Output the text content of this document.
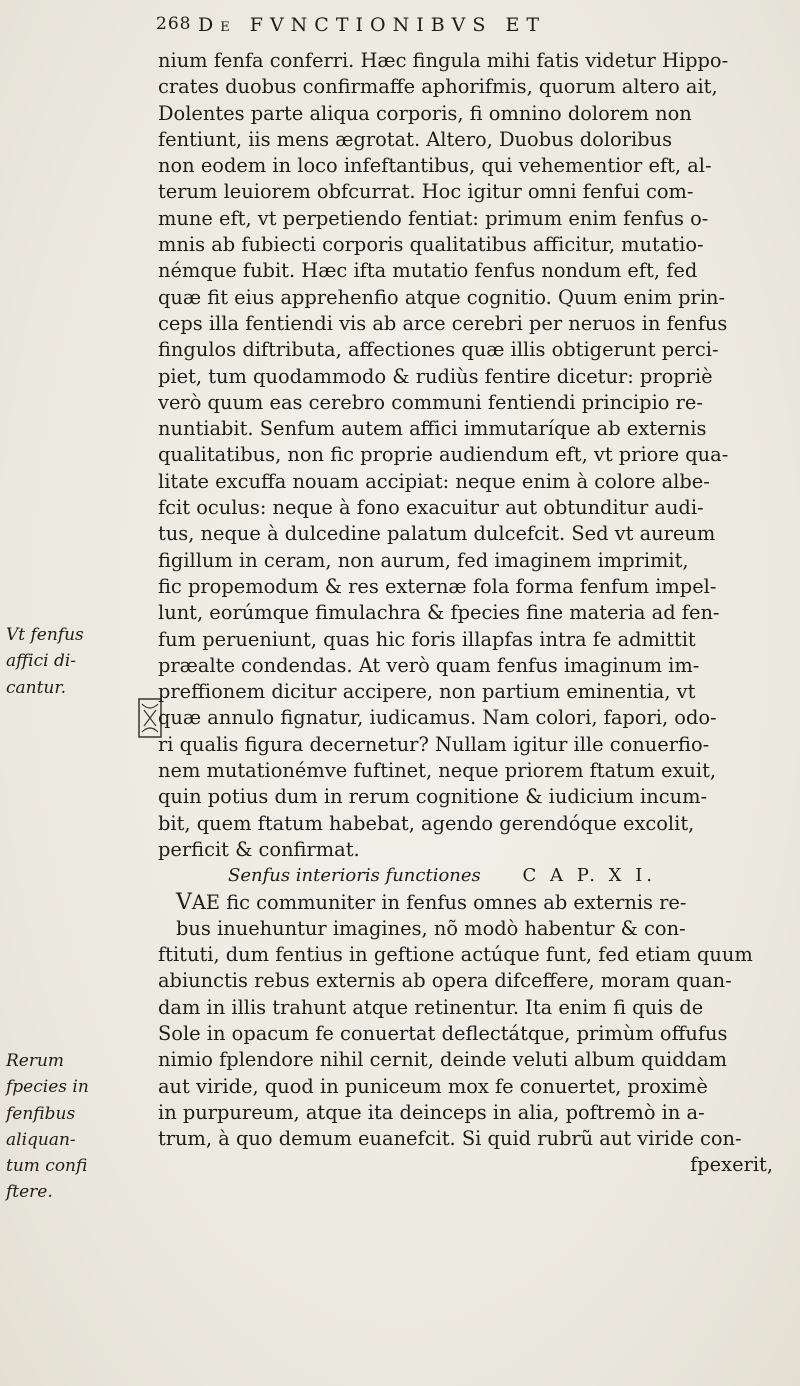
268 De FVNCTIONIBVS ET
Vt fenfus
affici di-
cantur.
Rerum
fpecies in
fenfibus
aliquan-
tum confi
ftere.
nium fenfa conferri. Hæc fingula mihi fatis videtur Hippo-
crates duobus confirmaffe aphorifmis, quorum altero ait,
Dolentes parte aliqua corporis, fi omnino dolorem non
fentiunt, iis mens ægrotat. Altero, Duobus doloribus
non eodem in loco infeftantibus, qui vehementior eft, al-
terum leuiorem obfcurrat. Hoc igitur omni fenfui com-
mune eft, vt perpetiendo fentiat: primum enim fenfus o-
mnis ab fubiecti corporis qualitatibus afficitur, mutatio-
némque fubit. Hæc ifta mutatio fenfus nondum eft, fed
quæ fit eius apprehenfio atque cognitio. Quum enim prin-
ceps illa fentiendi vis ab arce cerebri per neruos in fenfus
fingulos diftributa, affectiones quæ illis obtigerunt perci-
piet, tum quodammodo & rudiùs fentire dicetur: propriè
verò quum eas cerebro communi fentiendi principio re-
nuntiabit. Senfum autem affici immutaríque ab externis
qualitatibus, non fic proprie audiendum eft, vt priore qua-
litate excuffa nouam accipiat: neque enim à colore albe-
fcit oculus: neque à fono exacuitur aut obtunditur audi-
tus, neque à dulcedine palatum dulcefcit. Sed vt aureum
figillum in ceram, non aurum, fed imaginem imprimit,
fic propemodum & res externæ fola forma fenfum impel-
lunt, eorúmque fimulachra & fpecies fine materia ad fen-
fum perueniunt, quas hic foris illapfas intra fe admittit
præalte condendas. At verò quam fenfus imaginum im-
preffionem dicitur accipere, non partium eminentia, vt
quæ annulo fignatur, iudicamus. Nam colori, fapori, odo-
ri qualis figura decernetur? Nullam igitur ille conuerfio-
nem mutationémve fuftinet, neque priorem ftatum exuit,
quin potius dum in rerum cognitione & iudicium incum-
bit, quem ftatum habebat, agendo gerendóque excolit,
perficit & confirmat.
Senfus interioris functiones C A P. X I.
VAE fic communiter in fenfus omnes ab externis re-
bus inuehuntur imagines, nõ modò habentur & con-
ftituti, dum fentius in geftione actúque funt, fed etiam quum
abiunctis rebus externis ab opera difceffere, moram quan-
dam in illis trahunt atque retinentur. Ita enim fi quis de
Sole in opacum fe conuertat deflectátque, primùm offufus
nimio fplendore nihil cernit, deinde veluti album quiddam
aut viride, quod in puniceum mox fe conuertet, proximè
in purpureum, atque ita deinceps in alia, poftremò in a-
trum, à quo demum euanefcit. Si quid rubrũ aut viride con-
fpexerit,
